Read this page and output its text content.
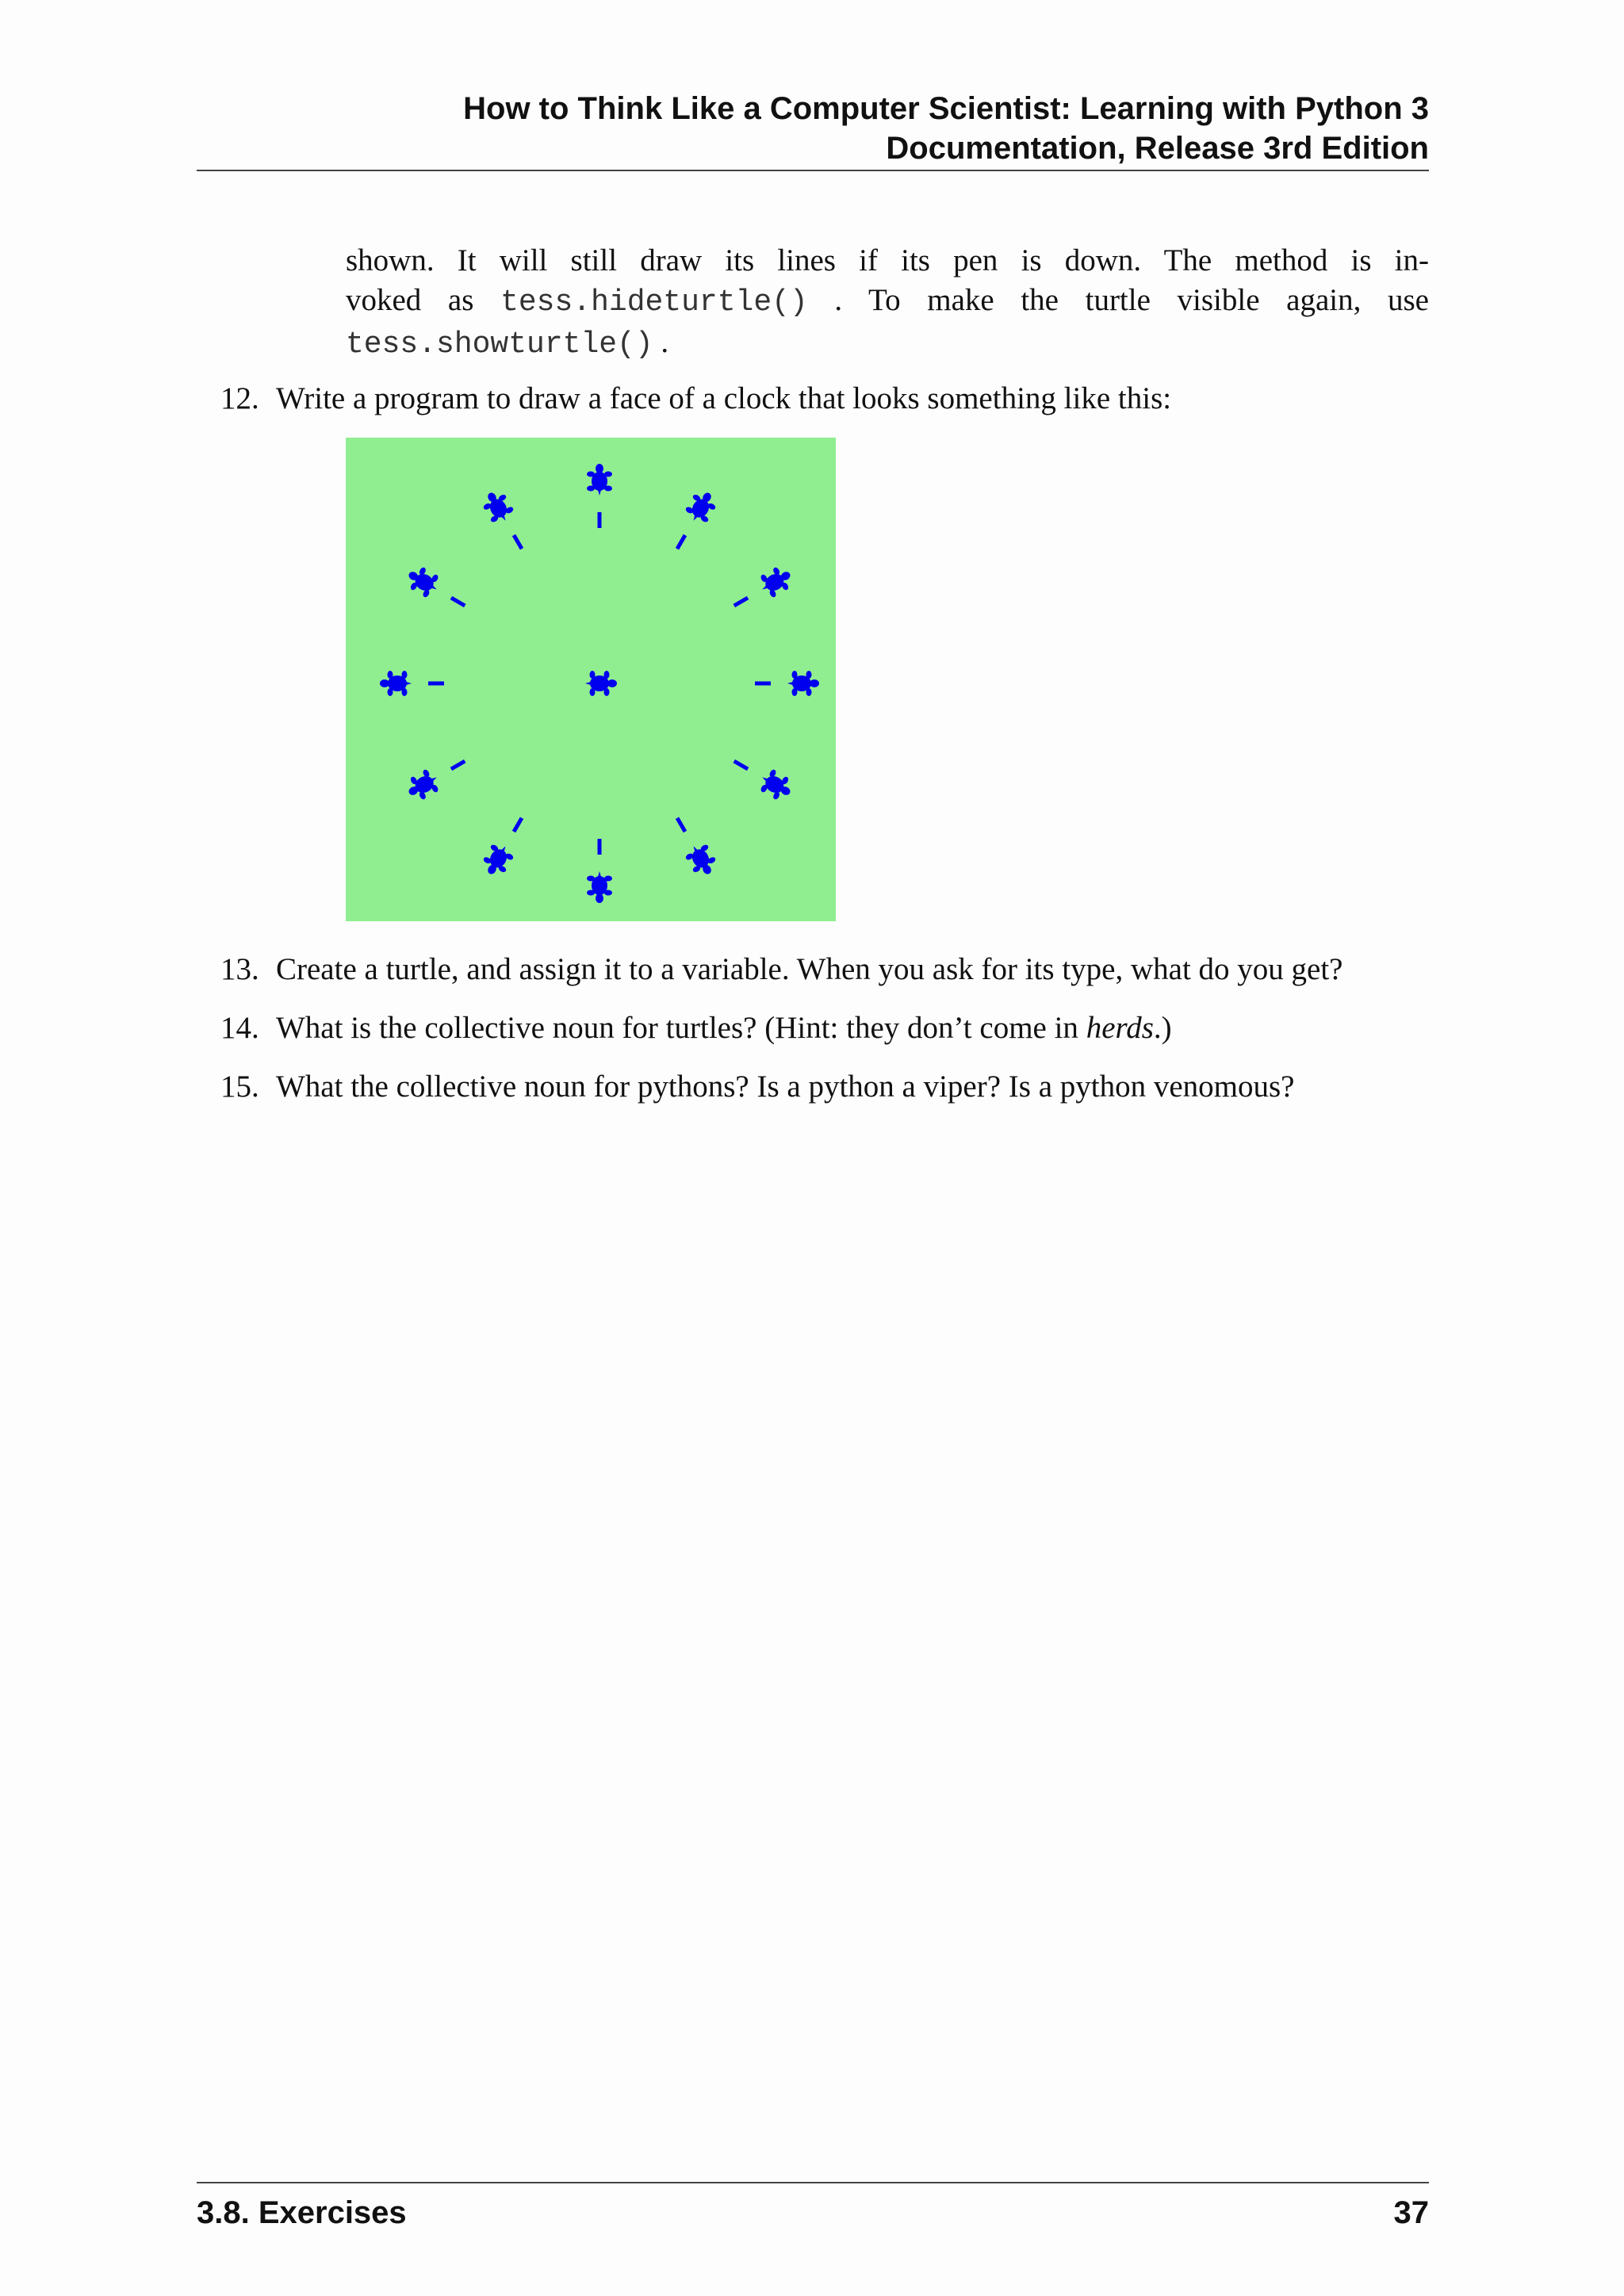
How to Think Like a Computer Scientist: Learning with Python 3
Documentation, Release 3rd Edition

shown. It will still draw its lines if its pen is down. The method is in-

voked as tess.hideturtle() . To make the turtle visible again, use

tess.showturtle() .

12. Write a program to draw a face of a clock that looks something like this:
13. Create a turtle, and assign it to a variable. When you ask for its type, what do you get?
14. What is the collective noun for turtles? (Hint: they don’t come in herds.)
15. What the collective noun for pythons? Is a python a viper? Is a python venomous?
3.8. Exercises	37
